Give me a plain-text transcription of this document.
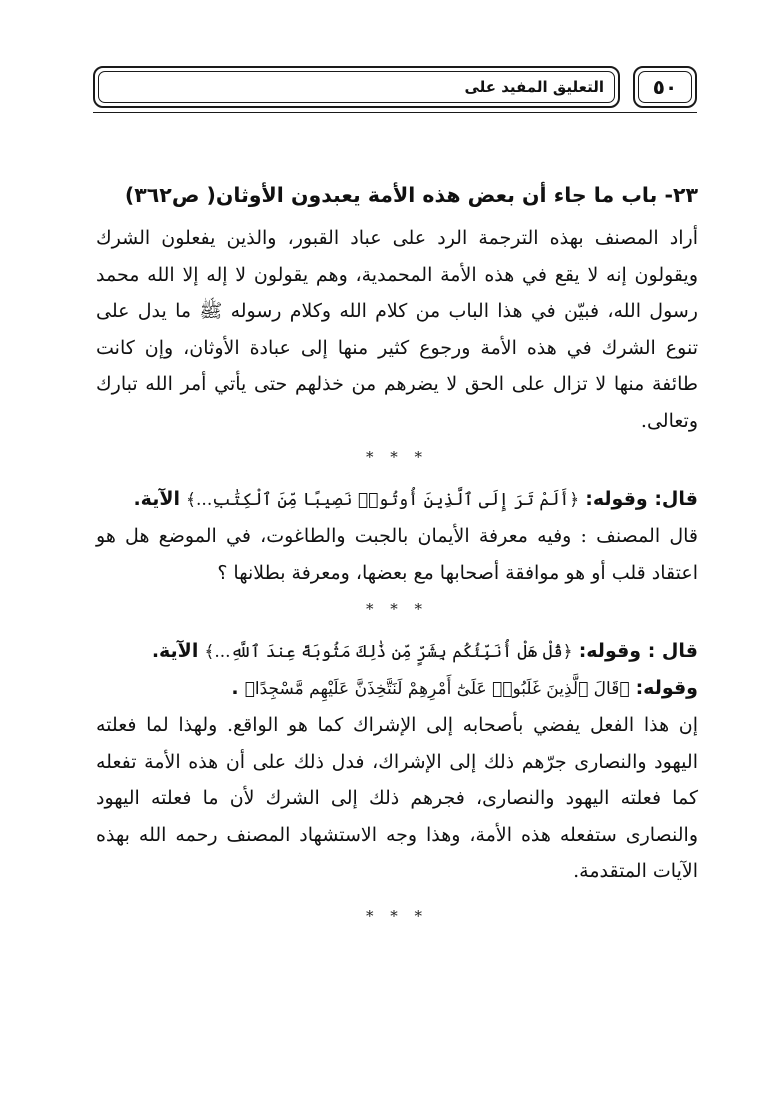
التعليق المفيد على ٥٠
٢٣- باب ما جاء أن بعض هذه الأمة يعبدون الأوثان( ص٣٦٢)

أراد المصنف بهذه الترجمة الرد على عباد القبور، والذين يفعلون الشرك ويقولون إنه لا يقع في هذه الأمة المحمدية، وهم يقولون لا إله إلا الله محمد رسول الله، فبيّن في هذا الباب من كلام الله وكلام رسوله ﷺ ما يدل على تنوع الشرك في هذه الأمة ورجوع كثير منها إلى عبادة الأوثان، وإن كانت طائفة منها لا تزال على الحق لا يضرهم من خذلهم حتى يأتي أمر الله تبارك وتعالى.

* * *

قال: وقوله: ﴿أَلَمْ تَرَ إِلَى ٱلَّذِينَ أُوتُوا۟ نَصِيبًا مِّنَ ٱلْكِتَٰبِ...﴾ الآية.

قال المصنف : وفيه معرفة الأيمان بالجبت والطاغوت، في الموضع هل هو اعتقاد قلب أو هو موافقة أصحابها مع بعضها، ومعرفة بطلانها ؟

* * *

قال : وقوله: ﴿قُلْ هَلْ أُنَبِّئُكُم بِشَرٍّ مِّن ذَٰلِكَ مَثُوبَةً عِندَ ٱللَّهِ...﴾ الآية.

وقوله: ﴿قَالَ ٱلَّذِينَ غَلَبُوا۟ عَلَىٰٓ أَمْرِهِمْ لَنَتَّخِذَنَّ عَلَيْهِم مَّسْجِدًا﴾ .

إن هذا الفعل يفضي بأصحابه إلى الإشراك كما هو الواقع. ولهذا لما فعلته اليهود والنصارى جرّهم ذلك إلى الإشراك، فدل ذلك على أن هذه الأمة تفعله كما فعلته اليهود والنصارى، فجرهم ذلك إلى الشرك لأن ما فعلته اليهود والنصارى ستفعله هذه الأمة، وهذا وجه الاستشهاد المصنف رحمه الله بهذه الآيات المتقدمة.

* * *
